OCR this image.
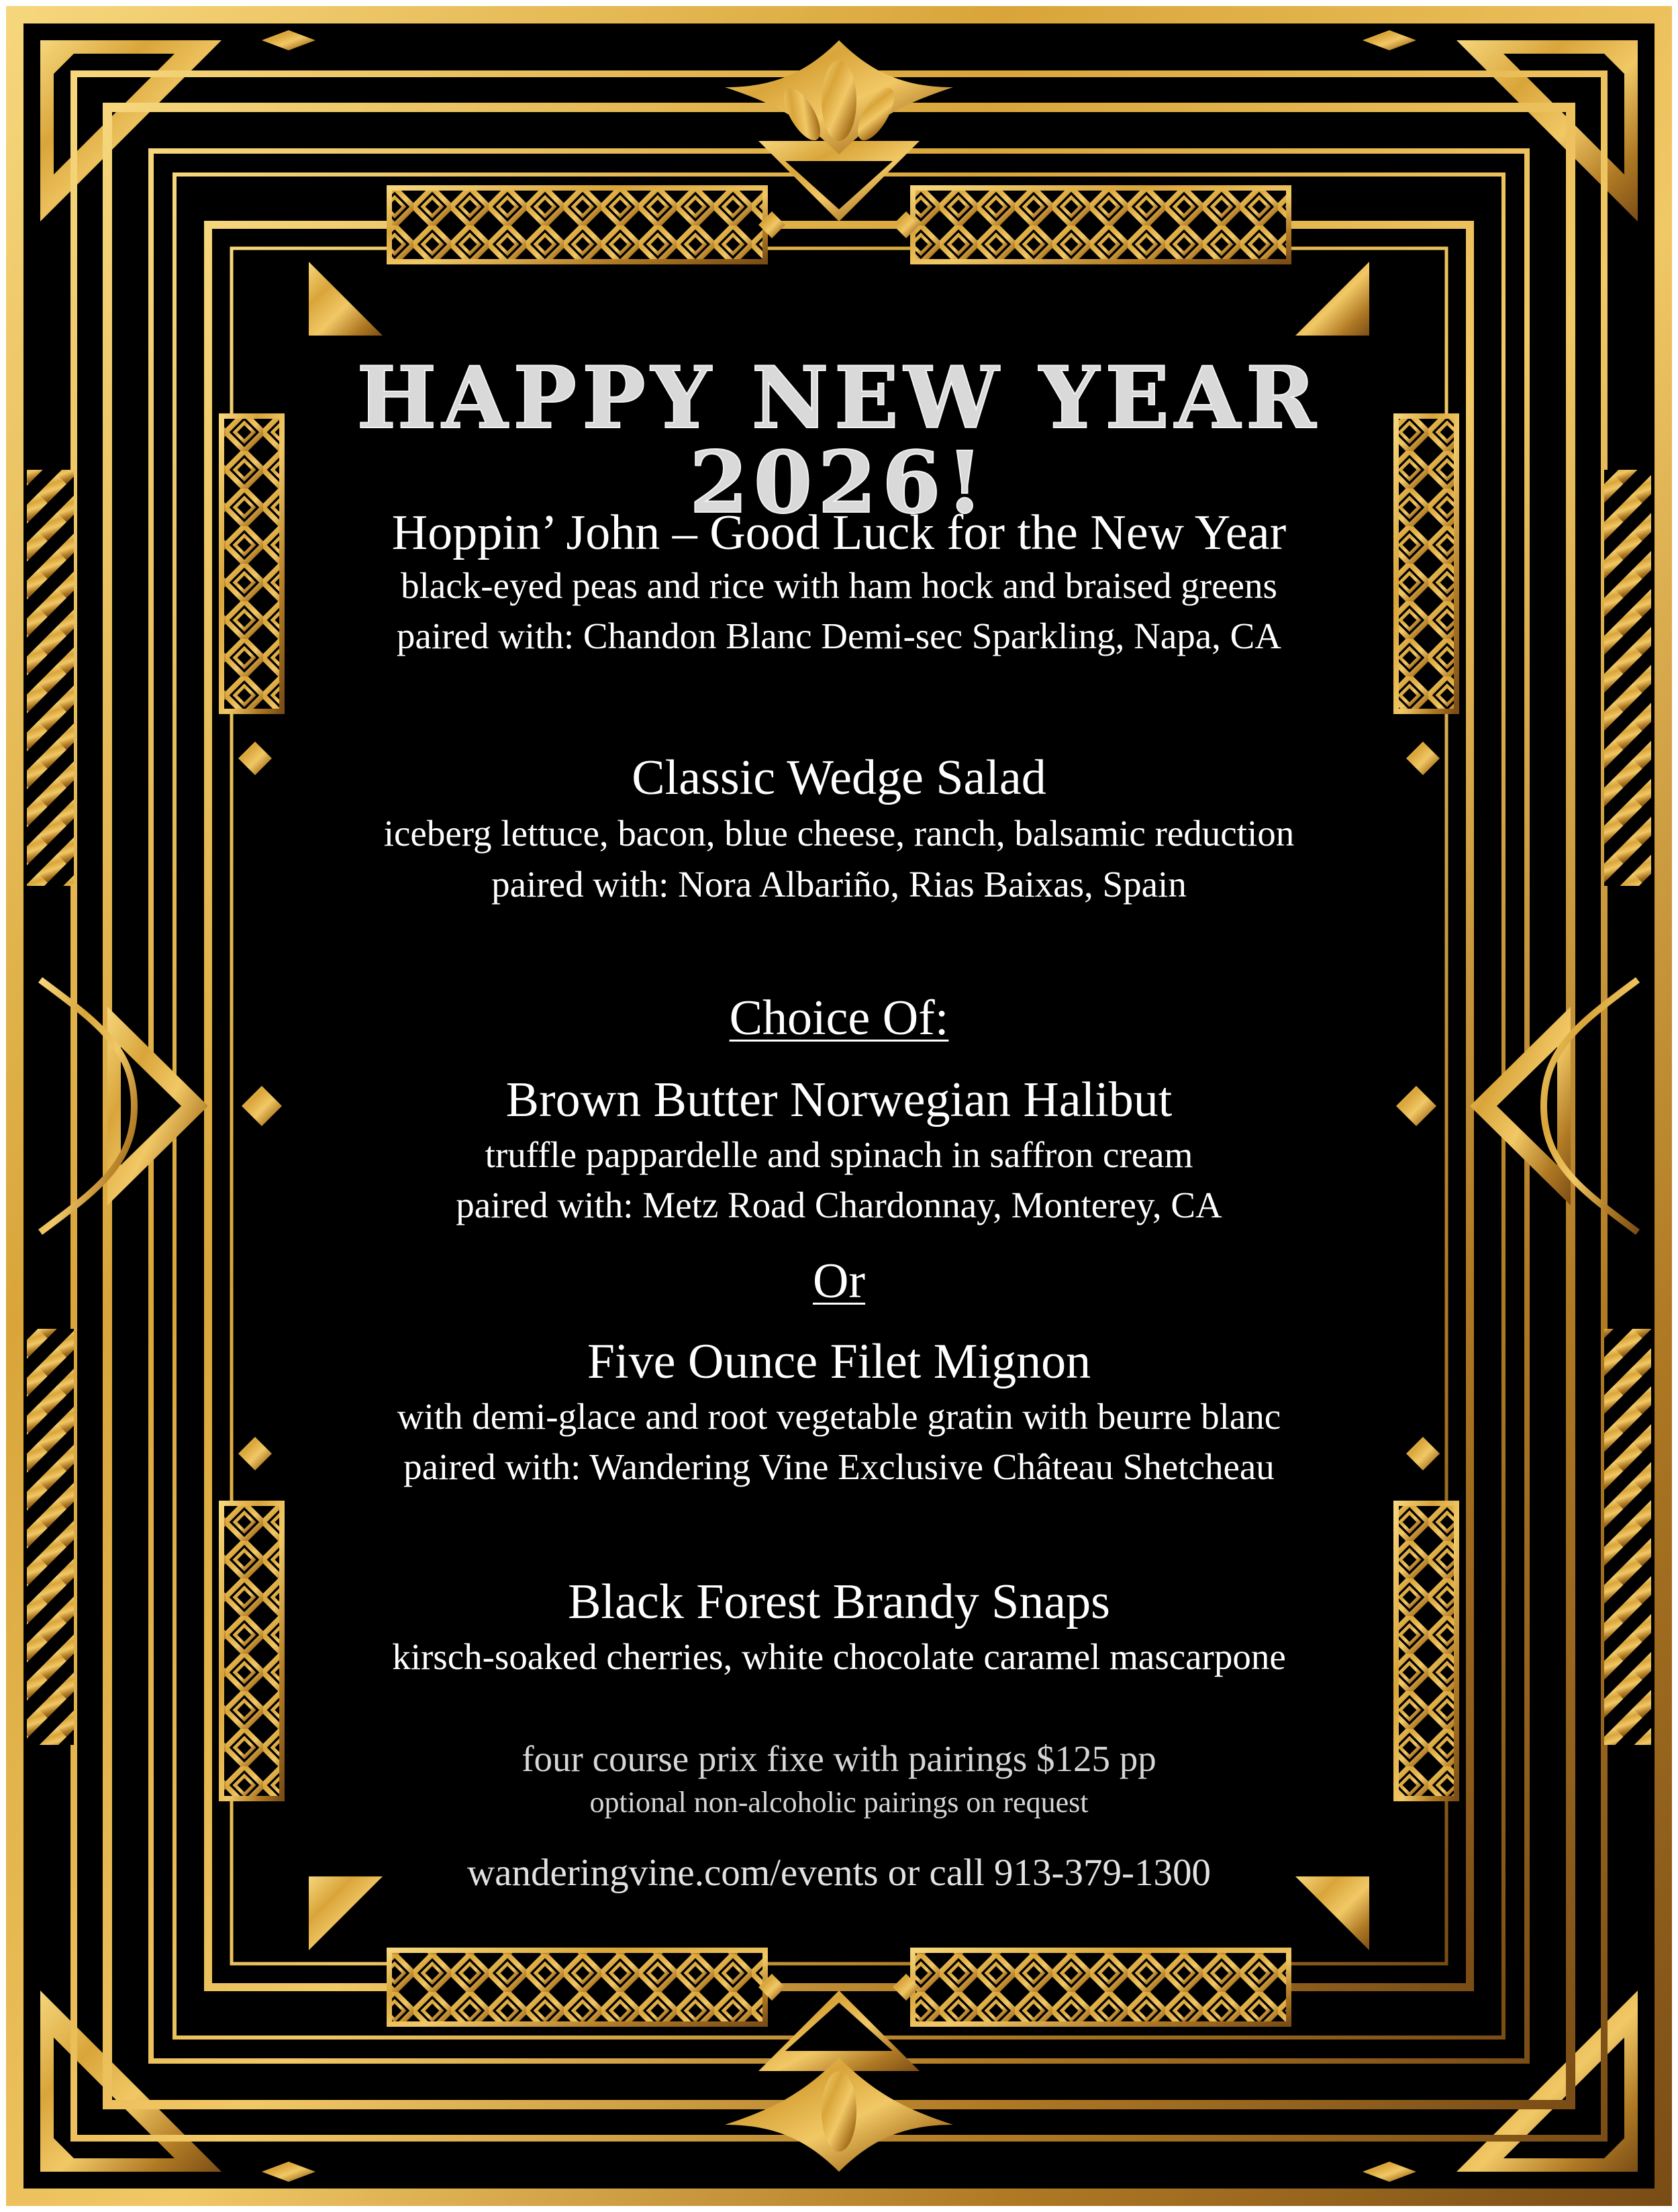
HAPPY NEW YEAR 2026!
Hoppin’ John – Good Luck for the New Year
black-eyed peas and rice with ham hock and braised greens
paired with: Chandon Blanc Demi-sec Sparkling, Napa, CA
Classic Wedge Salad
iceberg lettuce, bacon, blue cheese, ranch, balsamic reduction
paired with: Nora Albariño, Rias Baixas, Spain
Choice Of:
Brown Butter Norwegian Halibut
truffle pappardelle and spinach in saffron cream
paired with: Metz Road Chardonnay, Monterey, CA
Or
Five Ounce Filet Mignon
with demi-glace and root vegetable gratin with beurre blanc
paired with: Wandering Vine Exclusive Château Shetcheau
Black Forest Brandy Snaps
kirsch-soaked cherries, white chocolate caramel mascarpone
four course prix fixe with pairings $125 pp
optional non-alcoholic pairings on request
wanderingvine.com/events or call 913-379-1300
